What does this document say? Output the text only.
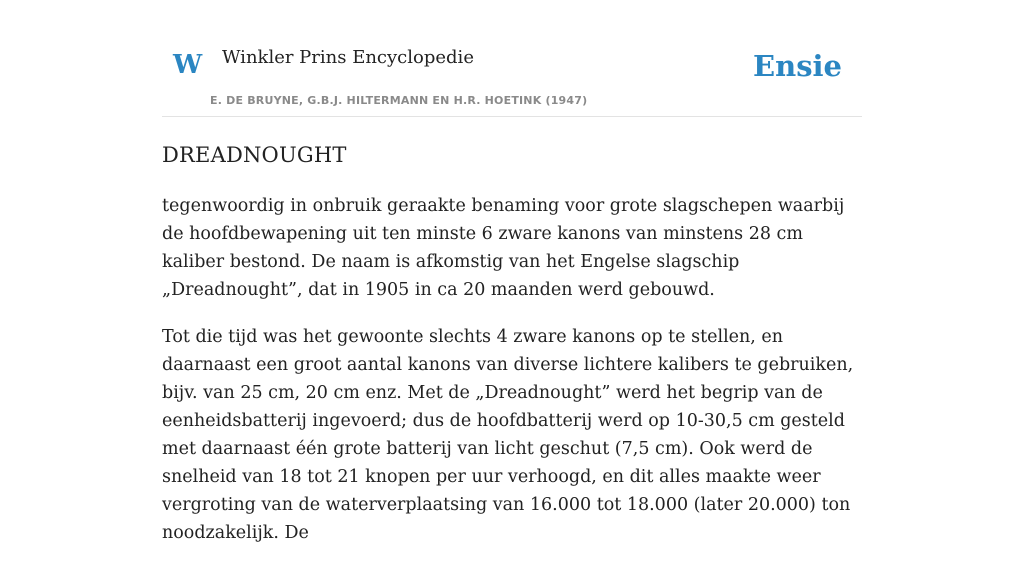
W Winkler Prins Encyclopedie
E. DE BRUYNE, G.B.J. HILTERMANN EN H.R. HOETINK (1947)
Ensie
DREADNOUGHT

tegenwoordig in onbruik geraakte benaming voor grote slagschepen waarbij de hoofdbewapening uit ten minste 6 zware kanons van minstens 28 cm kaliber bestond. De naam is afkomstig van het Engelse slagschip „Dreadnought”, dat in 1905 in ca 20 maanden werd gebouwd.

Tot die tijd was het gewoonte slechts 4 zware kanons op te stellen, en daarnaast een groot aantal kanons van diverse lichtere kalibers te gebruiken, bijv. van 25 cm, 20 cm enz. Met de „Dreadnought” werd het begrip van de eenheidsbatterij ingevoerd; dus de hoofdbatterij werd op 10-30,5 cm gesteld met daarnaast één grote batterij van licht geschut (7,5 cm). Ook werd de snelheid van 18 tot 21 knopen per uur verhoogd, en dit alles maakte weer vergroting van de waterverplaatsing van 16.000 tot 18.000 (later 20.000) ton noodzakelijk. De
